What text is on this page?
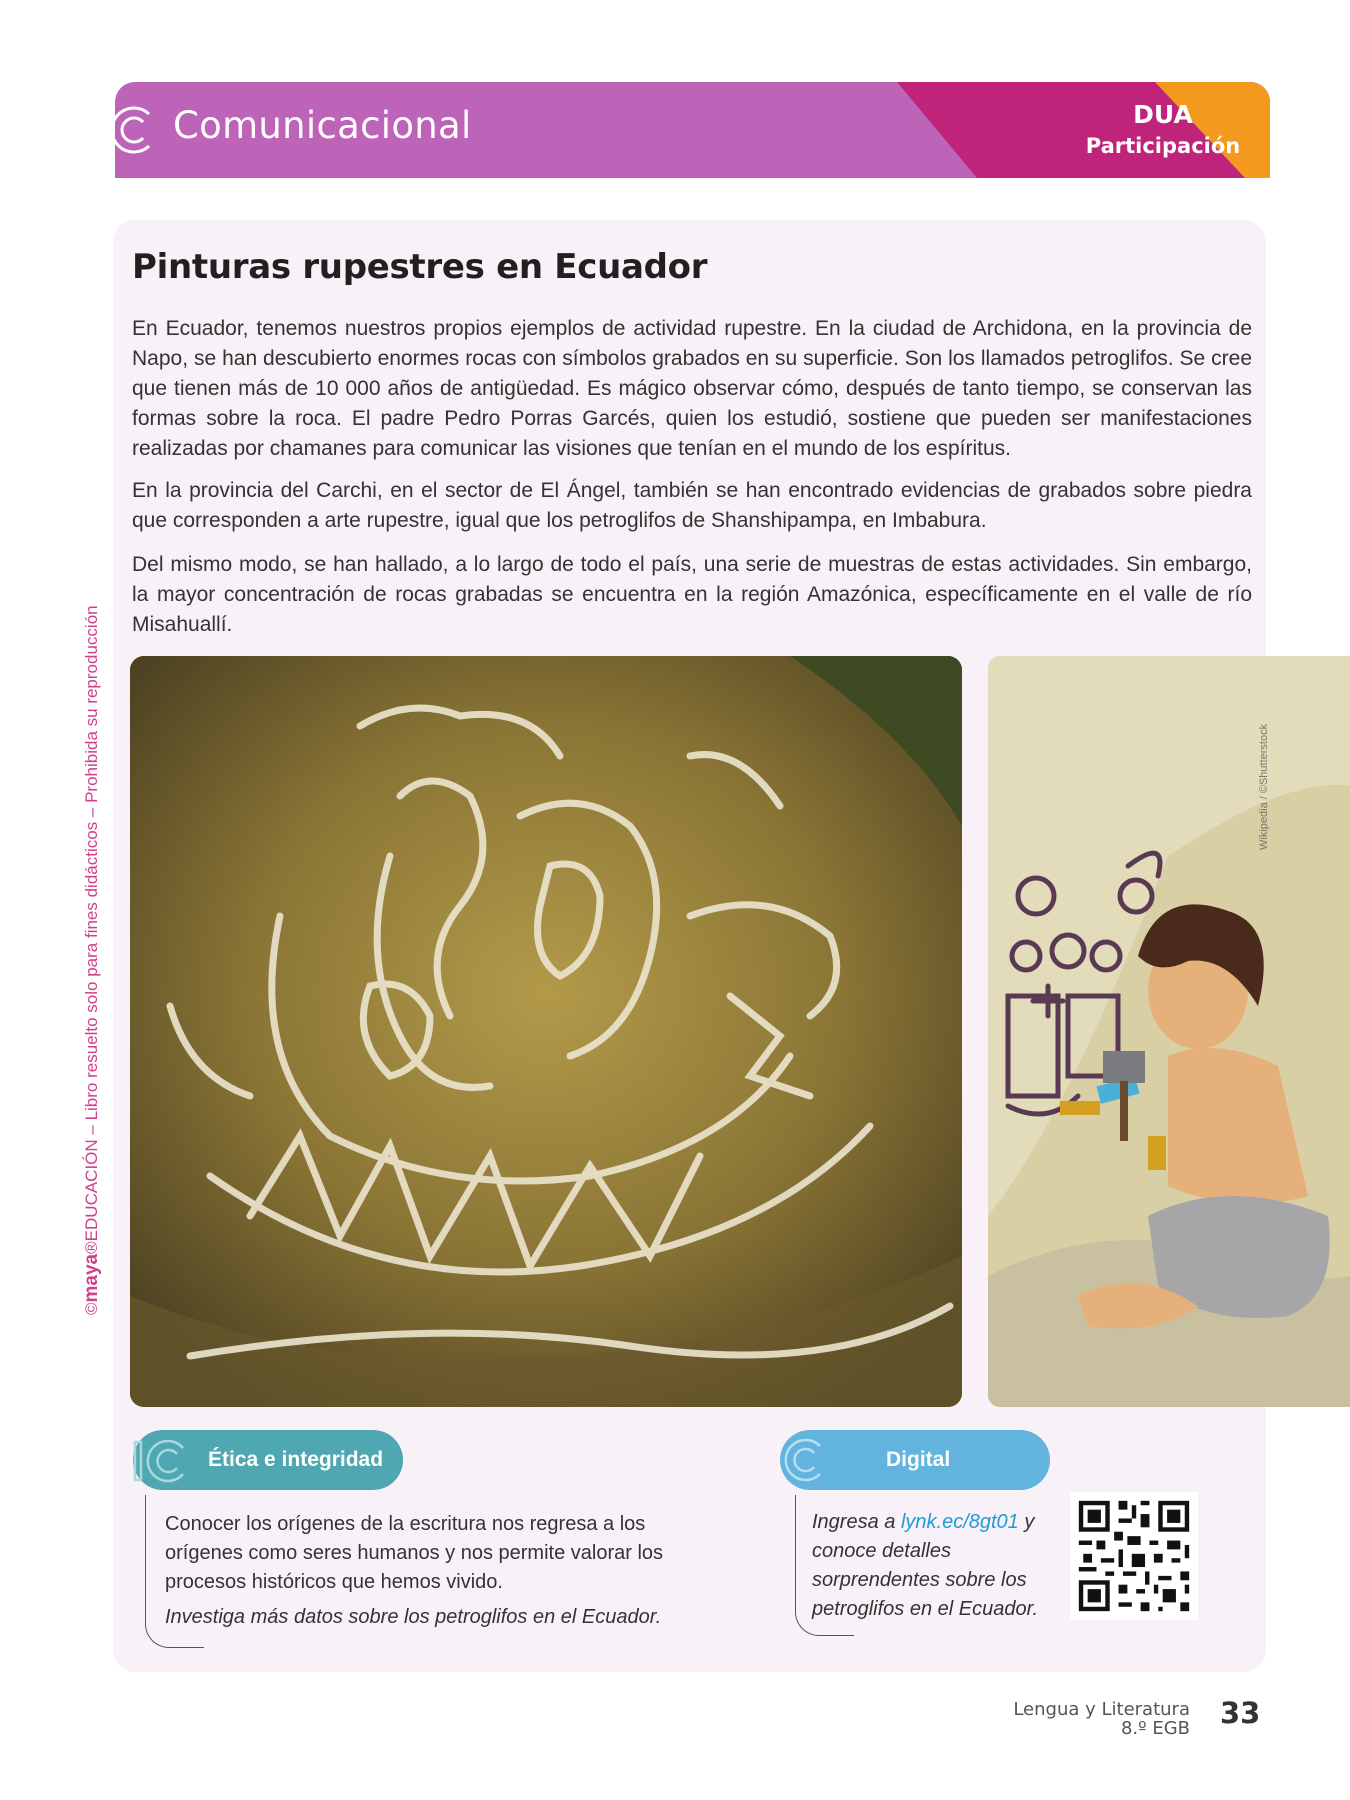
Comunicacional	DUA
Participación
©maya®EDUCACIÓN – Libro resuelto solo para fines didácticos – Prohibida su reproducción
Pinturas rupestres en Ecuador
En Ecuador, tenemos nuestros propios ejemplos de actividad rupestre. En la ciudad de Archidona, en la provincia de Napo, se han descubierto enormes rocas con símbolos grabados en su superficie. Son los llamados petroglifos. Se cree que tienen más de 10 000 años de antigüedad. Es mágico observar cómo, después de tanto tiempo, se conservan las formas sobre la roca. El padre Pedro Porras Garcés, quien los estudió, sostiene que pueden ser manifestaciones realizadas por chamanes para comunicar las visiones que tenían en el mundo de los espíritus.
En la provincia del Carchi, en el sector de El Ángel, también se han encontrado evidencias de grabados sobre piedra que corresponden a arte rupestre, igual que los petroglifos de Shanshipampa, en Imbabura.
Del mismo modo, se han hallado, a lo largo de todo el país, una serie de muestras de estas actividades. Sin embargo, la mayor concentración de rocas grabadas se encuentra en la región Amazónica, específicamente en el valle de río Misahuallí.
Wikipedia / ©Shutterstock
Ética e integridad
Conocer los orígenes de la escritura nos regresa a los orígenes como seres humanos y nos permite valorar los procesos históricos que hemos vivido.
Investiga más datos sobre los petroglifos en el Ecuador.
Digital
Ingresa a lynk.ec/8gt01 y conoce detalles sorprendentes sobre los petroglifos en el Ecuador.
Lengua y Literatura
8.º EGB 33
